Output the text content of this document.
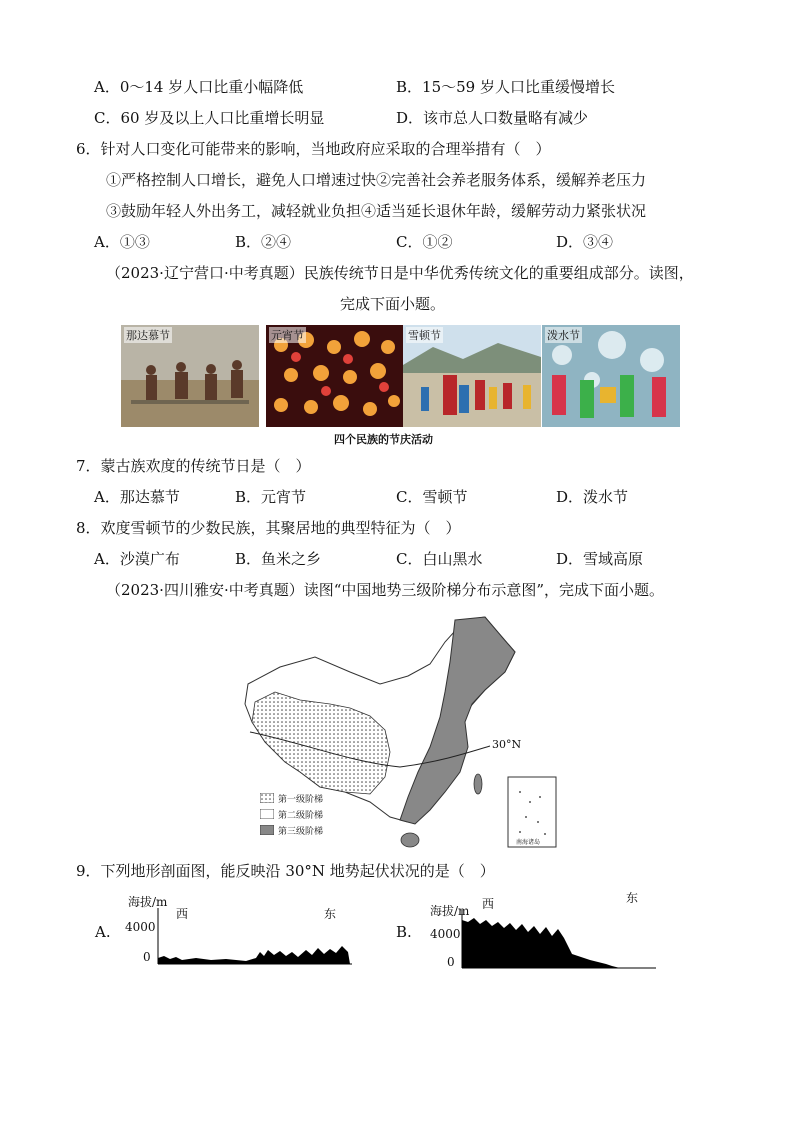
A．0～14 岁人口比重小幅降低	B．15～59 岁人口比重缓慢增长
C．60 岁及以上人口比重增长明显	D．该市总人口数量略有减少
6．针对人口变化可能带来的影响，当地政府应采取的合理举措有（　）
①严格控制人口增长，避免人口增速过快②完善社会养老服务体系，缓解养老压力
③鼓励年轻人外出务工，减轻就业负担④适当延长退休年龄，缓解劳动力紧张状况
A．①③	B．②④	C．①②	D．③④
（2023·辽宁营口·中考真题）民族传统节日是中华优秀传统文化的重要组成部分。读图，
完成下面小题。
那达慕节	元宵节	雪顿节	泼水节
四个民族的节庆活动
7．蒙古族欢度的传统节日是（　）
A．那达慕节	B．元宵节	C．雪顿节	D．泼水节
8．欢度雪顿节的少数民族，其聚居地的典型特征为（　）
A．沙漠广布	B．鱼米之乡	C．白山黑水	D．雪域高原
（2023·四川雅安·中考真题）读图“中国地势三级阶梯分布示意图”，完成下面小题。
30°N
南海诸岛
第一级阶梯
第二级阶梯
第三级阶梯
9．下列地形剖面图，能反映沿 30°N 地势起伏状况的是（　）
A.
海拔/m
4000
0
西	东
B.
海拔/m
4000
0
西	东
